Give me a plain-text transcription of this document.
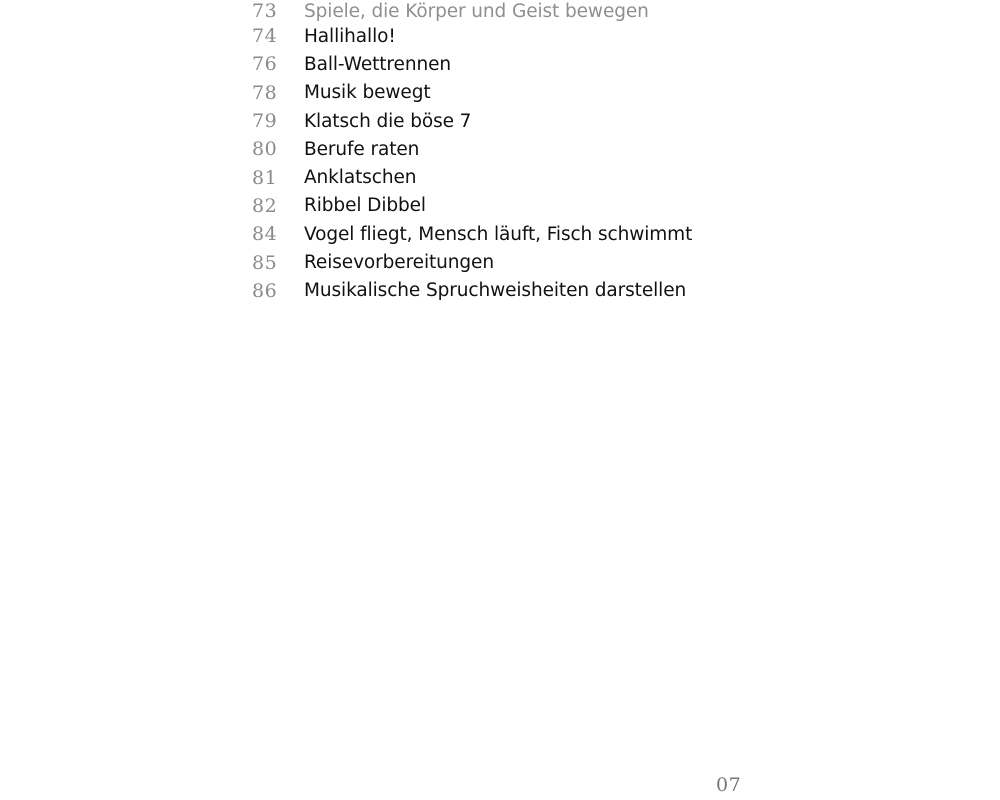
73	Spiele, die Körper und Geist bewegen
74	Hallihallo!
76	Ball-Wettrennen
78	Musik bewegt
79	Klatsch die böse 7
80	Berufe raten
81	Anklatschen
82	Ribbel Dibbel
84	Vogel fliegt, Mensch läuft, Fisch schwimmt
85	Reisevorbereitungen
86	Musikalische Spruchweisheiten darstellen
07
